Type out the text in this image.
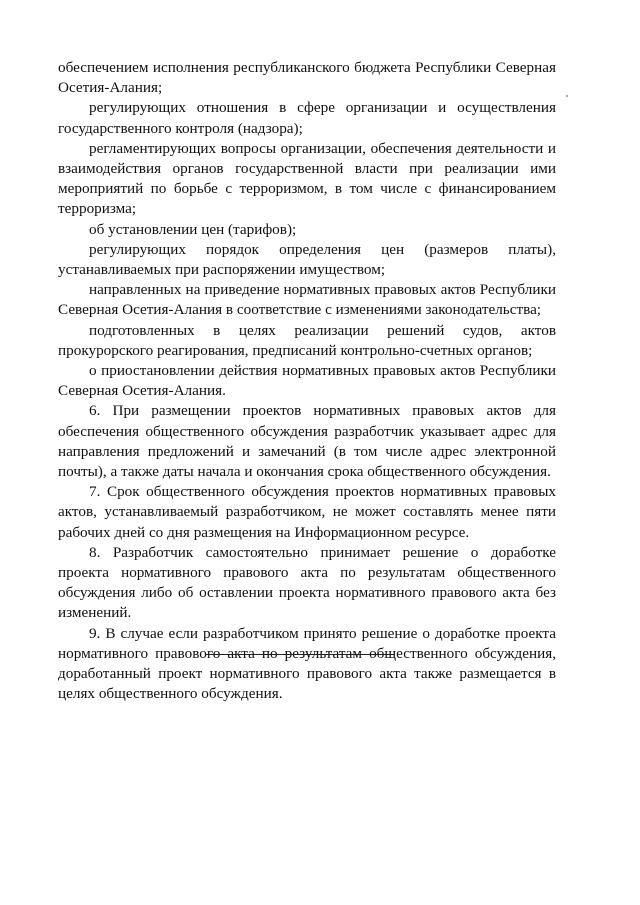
обеспечением исполнения республиканского бюджета Республики Северная Осетия-Алания;

регулирующих отношения в сфере организации и осуществления государственного контроля (надзора);

регламентирующих вопросы организации, обеспечения деятельности и взаимодействия органов государственной власти при реализации ими мероприятий по борьбе с терроризмом, в том числе с финансированием терроризма;

об установлении цен (тарифов);

регулирующих порядок определения цен (размеров платы), устанавливаемых при распоряжении имуществом;

направленных на приведение нормативных правовых актов Республики Северная Осетия-Алания в соответствие с изменениями законодательства;

подготовленных в целях реализации решений судов, актов прокурорского реагирования, предписаний контрольно-счетных органов;

о приостановлении действия нормативных правовых актов Республики Северная Осетия-Алания.

6. При размещении проектов нормативных правовых актов для обеспечения общественного обсуждения разработчик указывает адрес для направления предложений и замечаний (в том числе адрес электронной почты), а также даты начала и окончания срока общественного обсуждения.

7. Срок общественного обсуждения проектов нормативных правовых актов, устанавливаемый разработчиком, не может составлять менее пяти рабочих дней со дня размещения на Информационном ресурсе.

8. Разработчик самостоятельно принимает решение о доработке проекта нормативного правового акта по результатам общественного обсуждения либо об оставлении проекта нормативного правового акта без изменений.

9. В случае если разработчиком принято решение о доработке проекта нормативного правового акта по результатам общественного обсуждения, доработанный проект нормативного правового акта также размещается в целях общественного обсуждения.
